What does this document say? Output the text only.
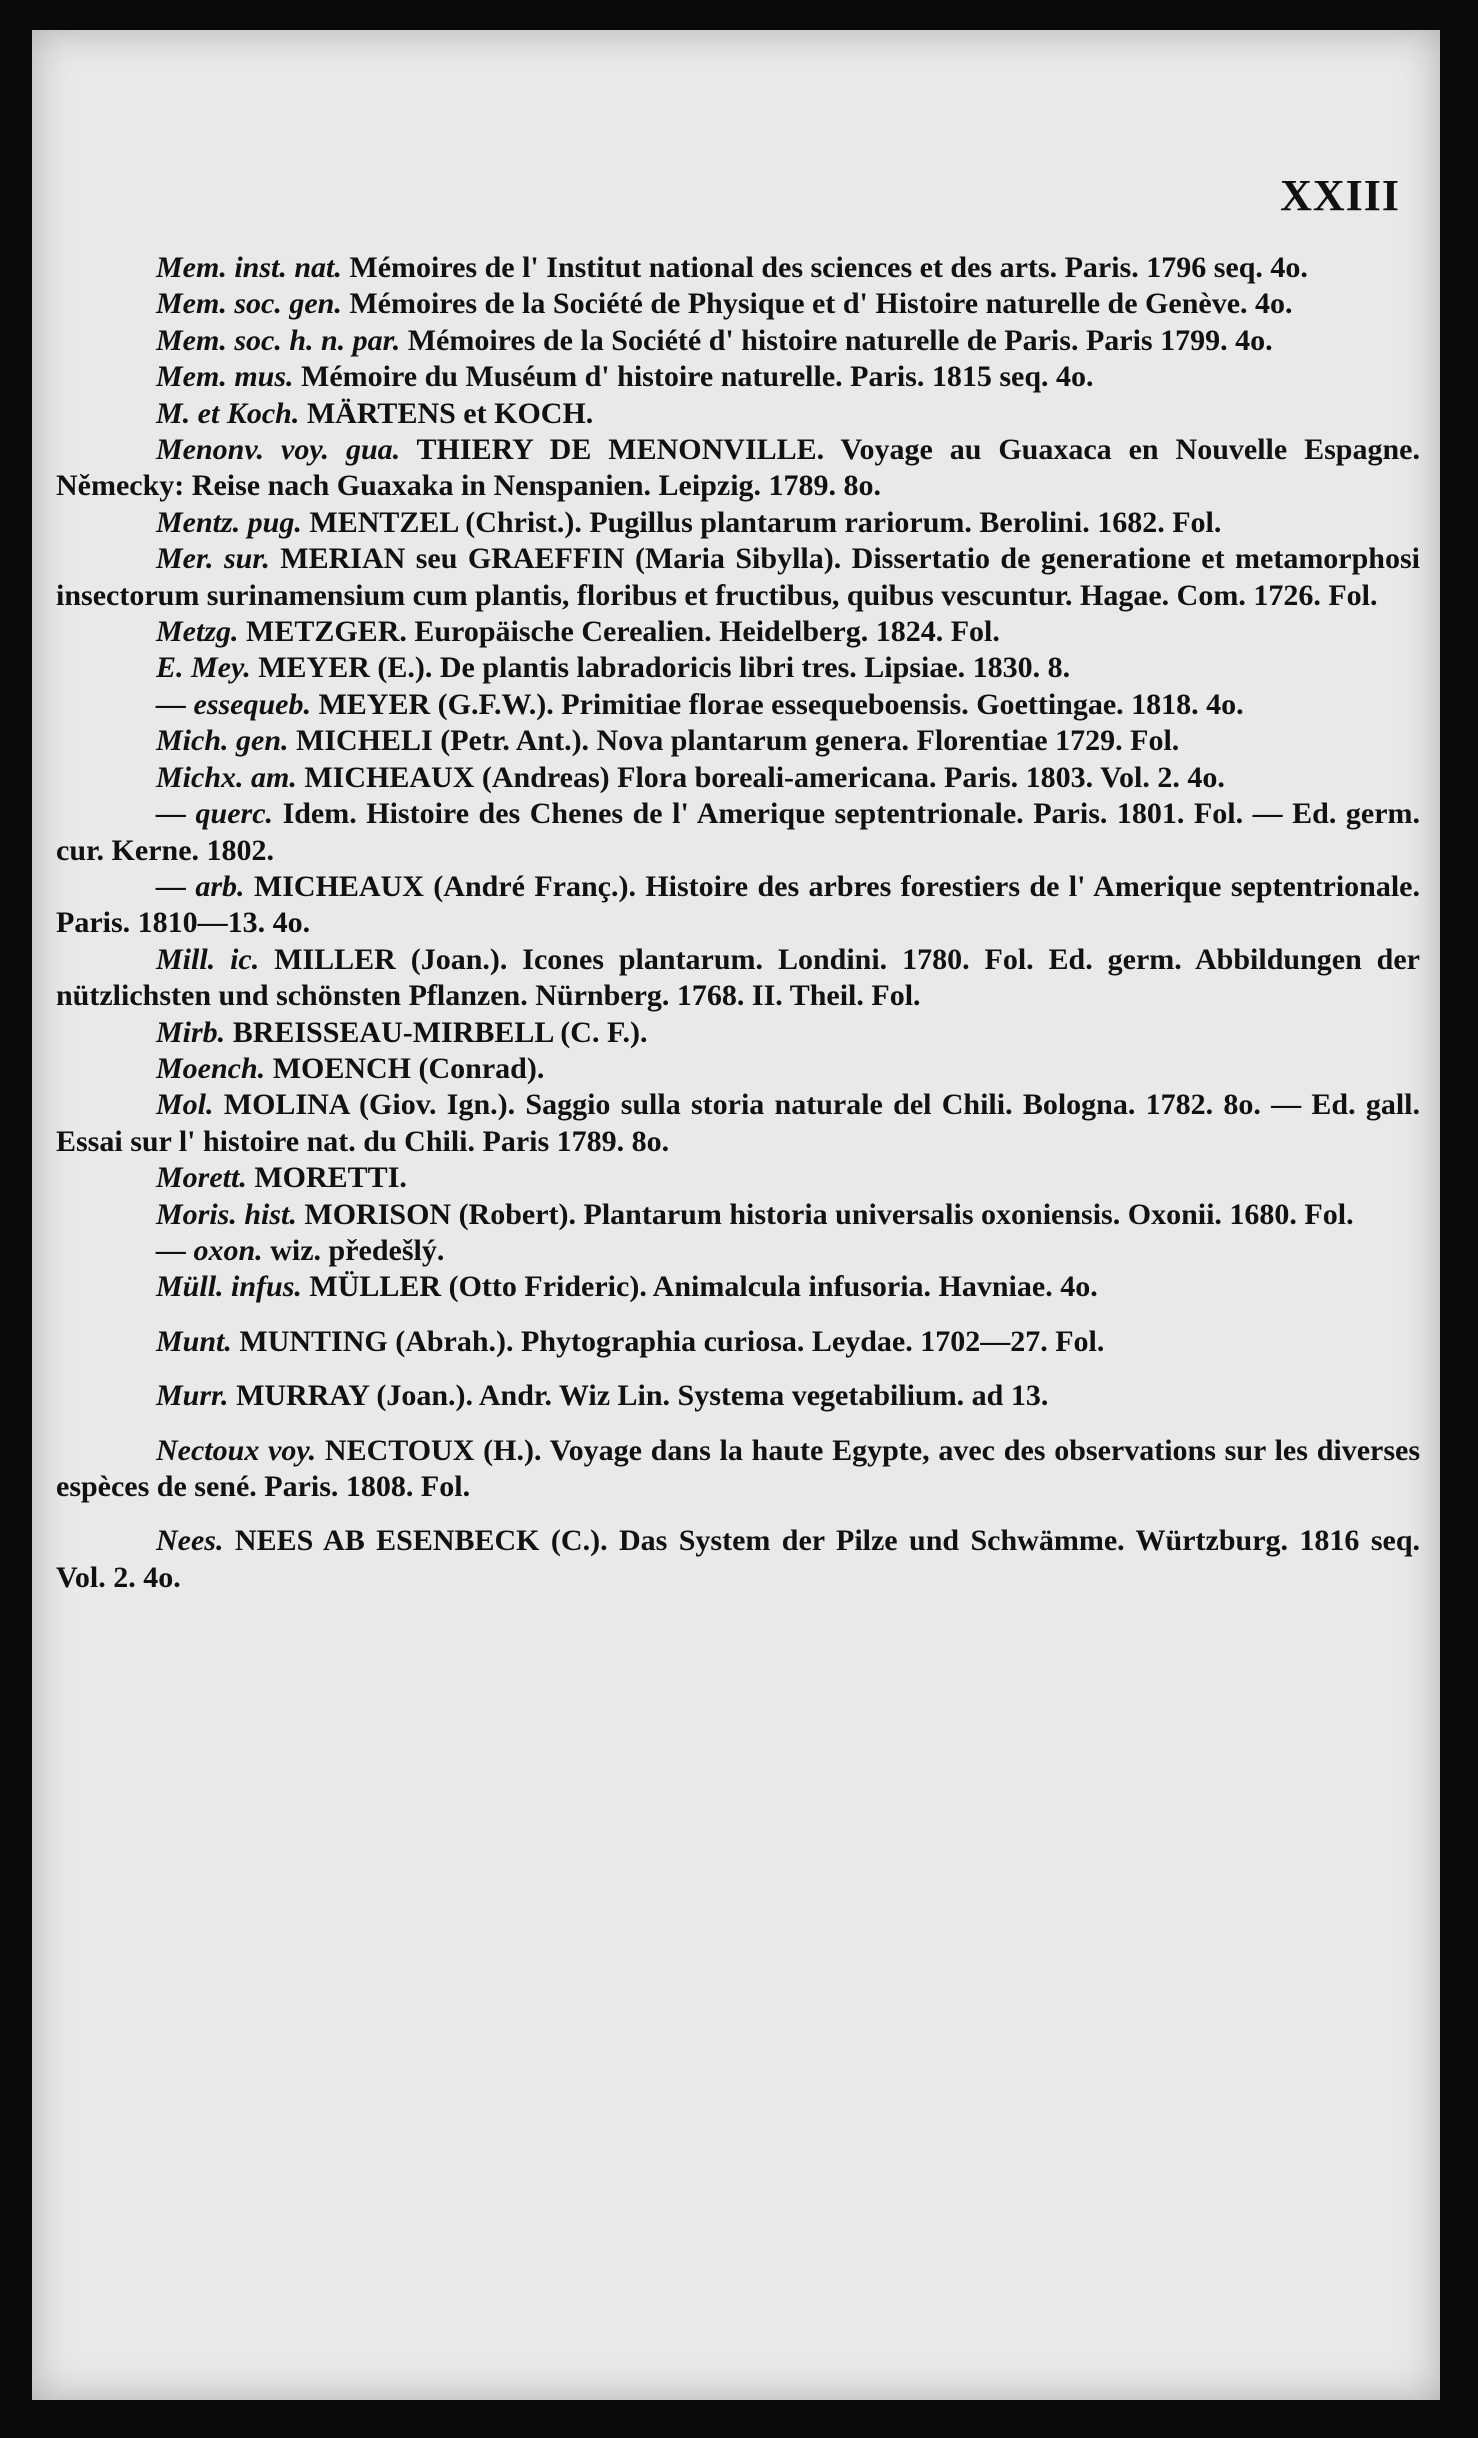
XXIII

Mem. inst. nat. Mémoires de l' Institut national des sciences et des arts. Paris. 1796 seq. 4o.

Mem. soc. gen. Mémoires de la Société de Physique et d' Histoire naturelle de Genève. 4o.

Mem. soc. h. n. par. Mémoires de la Société d' histoire naturelle de Paris. Paris 1799. 4o.

Mem. mus. Mémoire du Muséum d' histoire naturelle. Paris. 1815 seq. 4o.

M. et Koch. MÄRTENS et KOCH.

Menonv. voy. gua. THIERY DE MENONVILLE. Voyage au Guaxaca en Nouvelle Espagne. Německy: Reise nach Guaxaka in Nenspanien. Leipzig. 1789. 8o.

Mentz. pug. MENTZEL (Christ.). Pugillus plantarum rariorum. Berolini. 1682. Fol.

Mer. sur. MERIAN seu GRAEFFIN (Maria Sibylla). Dissertatio de generatione et metamorphosi insectorum surinamensium cum plantis, floribus et fructibus, quibus vescuntur. Hagae. Com. 1726. Fol.

Metzg. METZGER. Europäische Cerealien. Heidelberg. 1824. Fol.

E. Mey. MEYER (E.). De plantis labradoricis libri tres. Lipsiae. 1830. 8.

— essequeb. MEYER (G.F.W.). Primitiae florae essequeboensis. Goettingae. 1818. 4o.

Mich. gen. MICHELI (Petr. Ant.). Nova plantarum genera. Florentiae 1729. Fol.

Michx. am. MICHEAUX (Andreas) Flora boreali-americana. Paris. 1803. Vol. 2. 4o.

— querc. Idem. Histoire des Chenes de l' Amerique septentrionale. Paris. 1801. Fol. — Ed. germ. cur. Kerne. 1802.

— arb. MICHEAUX (André Franç.). Histoire des arbres forestiers de l' Amerique septentrionale. Paris. 1810—13. 4o.

Mill. ic. MILLER (Joan.). Icones plantarum. Londini. 1780. Fol. Ed. germ. Abbildungen der nützlichsten und schönsten Pflanzen. Nürnberg. 1768. II. Theil. Fol.

Mirb. BREISSEAU-MIRBELL (C. F.).

Moench. MOENCH (Conrad).

Mol. MOLINA (Giov. Ign.). Saggio sulla storia naturale del Chili. Bologna. 1782. 8o. — Ed. gall. Essai sur l' histoire nat. du Chili. Paris 1789. 8o.

Morett. MORETTI.

Moris. hist. MORISON (Robert). Plantarum historia universalis oxoniensis. Oxonii. 1680. Fol.

— oxon. wiz. předešlý.

Müll. infus. MÜLLER (Otto Frideric). Animalcula infusoria. Havniae. 4o.

Munt. MUNTING (Abrah.). Phytographia curiosa. Leydae. 1702—27. Fol.

Murr. MURRAY (Joan.). Andr. Wiz Lin. Systema vegetabilium. ad 13.

Nectoux voy. NECTOUX (H.). Voyage dans la haute Egypte, avec des observations sur les diverses espèces de sené. Paris. 1808. Fol.

Nees. NEES AB ESENBECK (C.). Das System der Pilze und Schwämme. Würtzburg. 1816 seq. Vol. 2. 4o.
